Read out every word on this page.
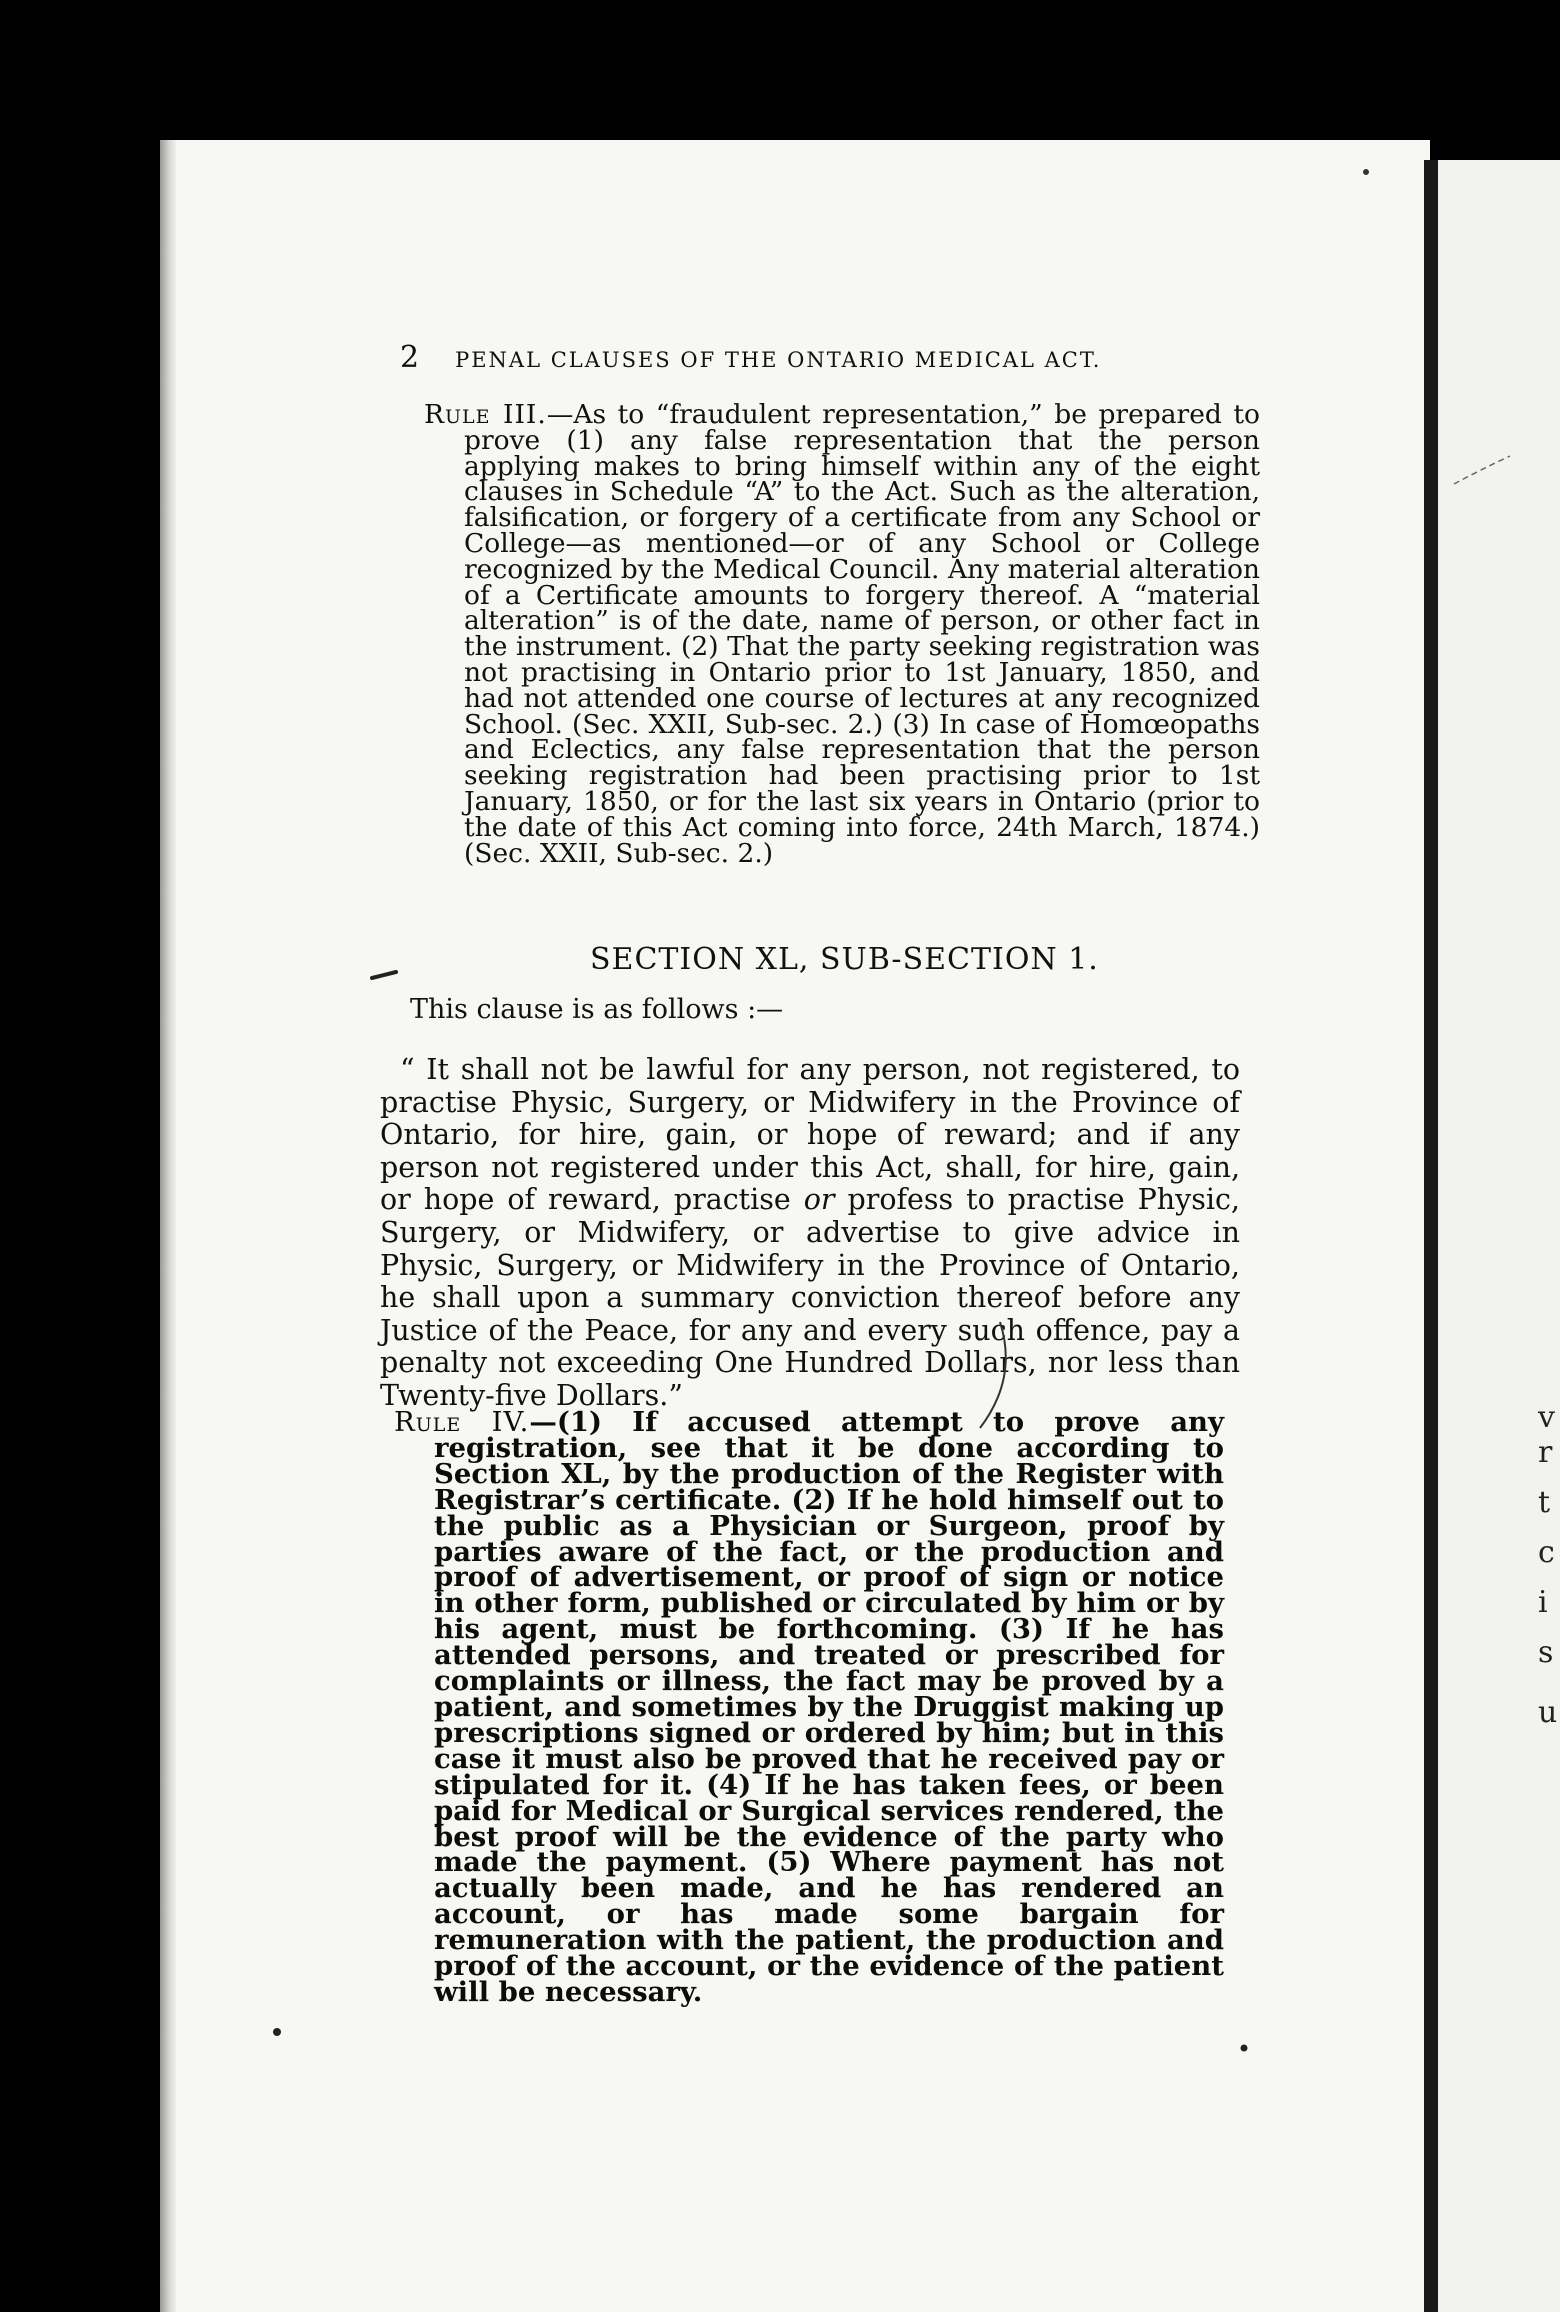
v
r
t
c
i
s
u
2 PENAL CLAUSES OF THE ONTARIO MEDICAL ACT.
Rule III.—As to “fraudulent representation,” be prepared to prove (1) any false representation that the person applying makes to bring himself within any of the eight clauses in Schedule “A” to the Act. Such as the alteration, falsification, or forgery of a certificate from any School or College—as mentioned—or of any School or College recognized by the Medical Council. Any material alteration of a Certificate amounts to forgery thereof. A “material alteration” is of the date, name of person, or other fact in the instrument. (2) That the party seeking registration was not practising in Ontario prior to 1st January, 1850, and had not attended one course of lectures at any recognized School. (Sec. XXII, Sub-sec. 2.) (3) In case of Homœopaths and Eclectics, any false representation that the person seeking registration had been practising prior to 1st January, 1850, or for the last six years in Ontario (prior to the date of this Act coming into force, 24th March, 1874.) (Sec. XXII, Sub-sec. 2.)
SECTION XL, SUB-SECTION 1.
This clause is as follows :—
“ It shall not be lawful for any person, not registered, to practise Physic, Surgery, or Midwifery in the Province of Ontario, for hire, gain, or hope of reward; and if any person not registered under this Act, shall, for hire, gain, or hope of reward, practise or profess to practise Physic, Surgery, or Midwifery, or advertise to give advice in Physic, Surgery, or Midwifery in the Province of Ontario, he shall upon a summary conviction thereof before any Justice of the Peace, for any and every such offence, pay a penalty not exceeding One Hundred Dollars, nor less than Twenty-five Dollars.”
Rule IV.—(1) If accused attempt to prove any registration, see that it be done according to Section XL, by the production of the Register with Registrar’s certificate. (2) If he hold himself out to the public as a Physician or Surgeon, proof by parties aware of the fact, or the production and proof of advertisement, or proof of sign or notice in other form, published or circulated by him or by his agent, must be forthcoming. (3) If he has attended persons, and treated or prescribed for complaints or illness, the fact may be proved by a patient, and sometimes by the Druggist making up prescriptions signed or ordered by him; but in this case it must also be proved that he received pay or stipulated for it. (4) If he has taken fees, or been paid for Medical or Surgical services rendered, the best proof will be the evidence of the party who made the payment. (5) Where payment has not actually been made, and he has rendered an account, or has made some bargain for remuneration with the patient, the production and proof of the account, or the evidence of the patient will be necessary.
